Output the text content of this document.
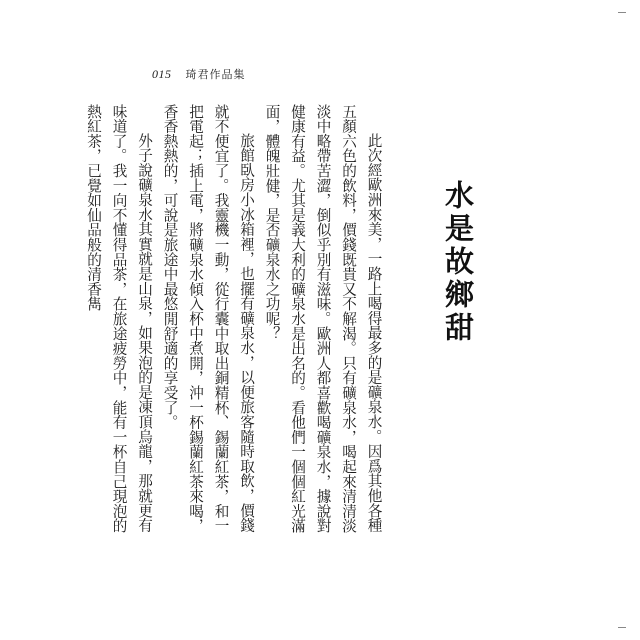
015 琦君作品集
水是故鄉甜

此次經歐洲來美，一路上喝得最多的是礦泉水。因爲其他各種五顏六色的飲料，價錢既貴又不解渴。只有礦泉水，喝起來清清淡淡中略帶苦澀，倒似乎別有滋味。歐洲人都喜歡喝礦泉水，據說對健康有益。尤其是義大利的礦泉水是出名的。看他們一個個紅光滿面，體魄壯健，是否礦泉水之功呢？

旅館臥房小冰箱裡，也擺有礦泉水，以便旅客隨時取飲，價錢就不便宜了。我靈機一動，從行囊中取出銅精杯、錫蘭紅茶，和一把電起；插上電，將礦泉水傾入杯中煮開，沖一杯錫蘭紅茶來喝，香香熱熱的，可說是旅途中最悠閒舒適的享受了。

外子說礦泉水其實就是山泉，如果泡的是凍頂烏龍，那就更有味道了。我一向不懂得品茶，在旅途疲勞中，能有一杯自己現泡的熱紅茶，已覺如仙品般的清香雋
